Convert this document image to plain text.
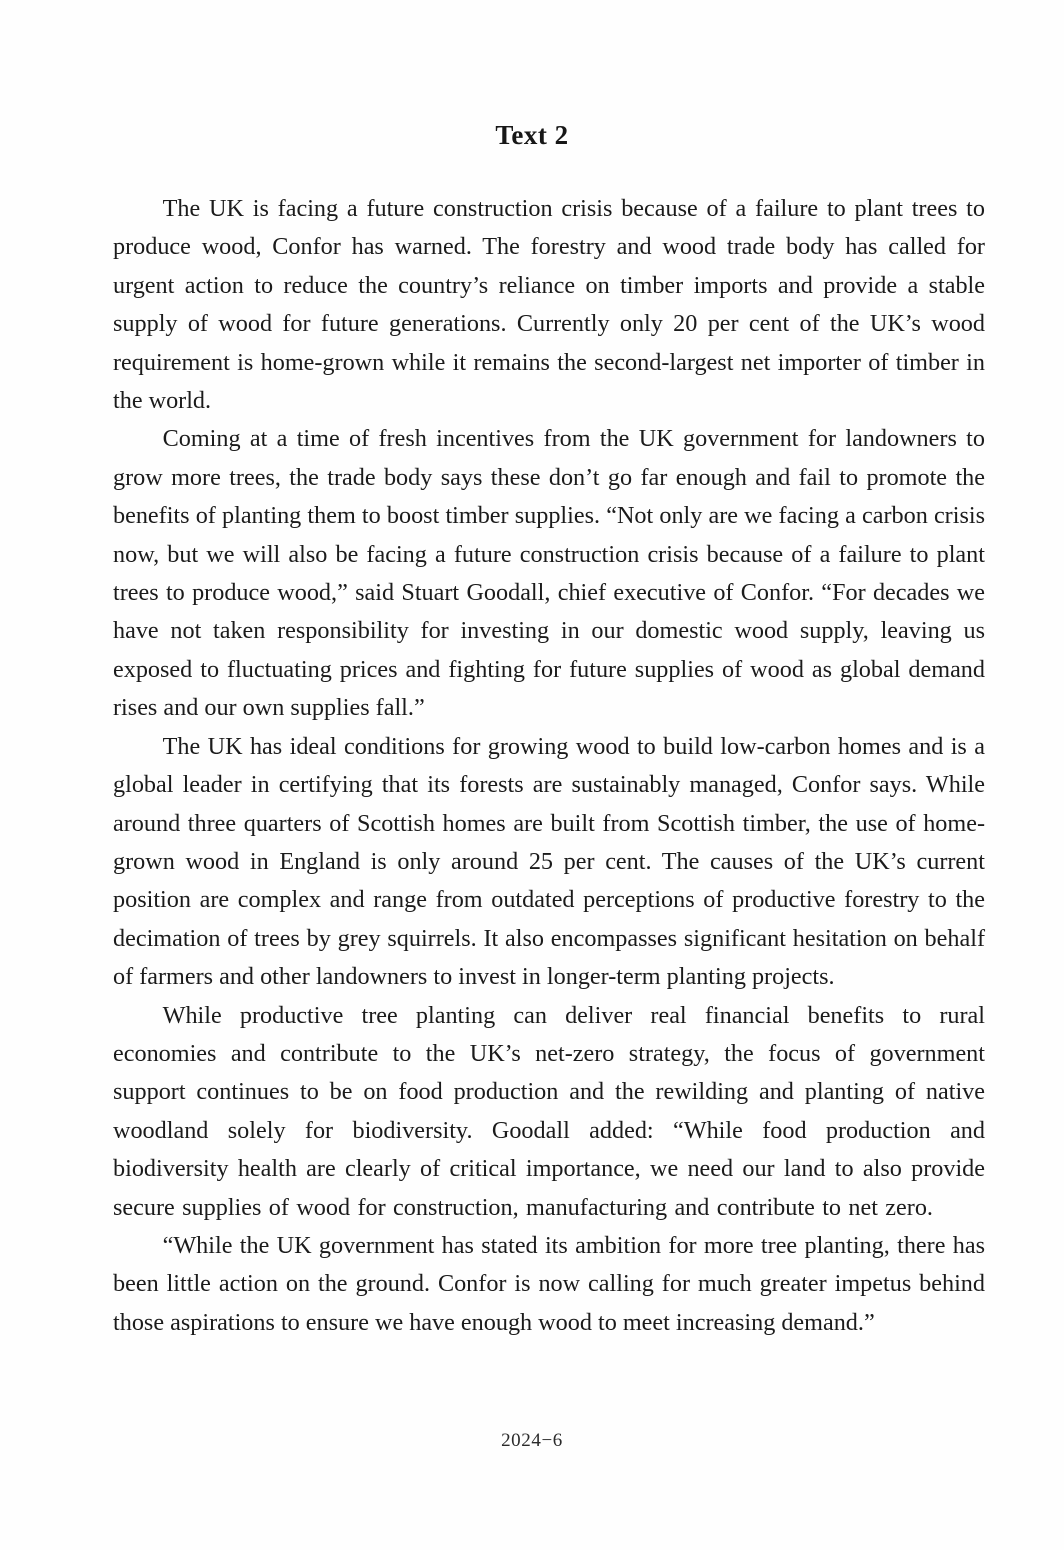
Text 2

The UK is facing a future construction crisis because of a failure to plant trees to produce wood, Confor has warned. The forestry and wood trade body has called for urgent action to reduce the country’s reliance on timber imports and provide a stable supply of wood for future generations. Currently only 20 per cent of the UK’s wood requirement is home-grown while it remains the second-largest net importer of timber in the world.

Coming at a time of fresh incentives from the UK government for landowners to grow more trees, the trade body says these don’t go far enough and fail to promote the benefits of planting them to boost timber supplies. “Not only are we facing a carbon crisis now, but we will also be facing a future construction crisis because of a failure to plant trees to produce wood,” said Stuart Goodall, chief executive of Confor. “For decades we have not taken responsibility for investing in our domestic wood supply, leaving us exposed to fluctuating prices and fighting for future supplies of wood as global demand rises and our own supplies fall.”

The UK has ideal conditions for growing wood to build low-carbon homes and is a global leader in certifying that its forests are sustainably managed, Confor says. While around three quarters of Scottish homes are built from Scottish timber, the use of home-grown wood in England is only around 25 per cent. The causes of the UK’s current position are complex and range from outdated perceptions of productive forestry to the decimation of trees by grey squirrels. It also encompasses significant hesitation on behalf of farmers and other landowners to invest in longer-term planting projects.

While productive tree planting can deliver real financial benefits to rural economies and contribute to the UK’s net-zero strategy, the focus of government support continues to be on food production and the rewilding and planting of native woodland solely for biodiversity. Goodall added: “While food production and biodiversity health are clearly of critical importance, we need our land to also provide secure supplies of wood for construction, manufacturing and contribute to net zero.

“While the UK government has stated its ambition for more tree planting, there has been little action on the ground. Confor is now calling for much greater impetus behind those aspirations to ensure we have enough wood to meet increasing demand.”

2024−6
